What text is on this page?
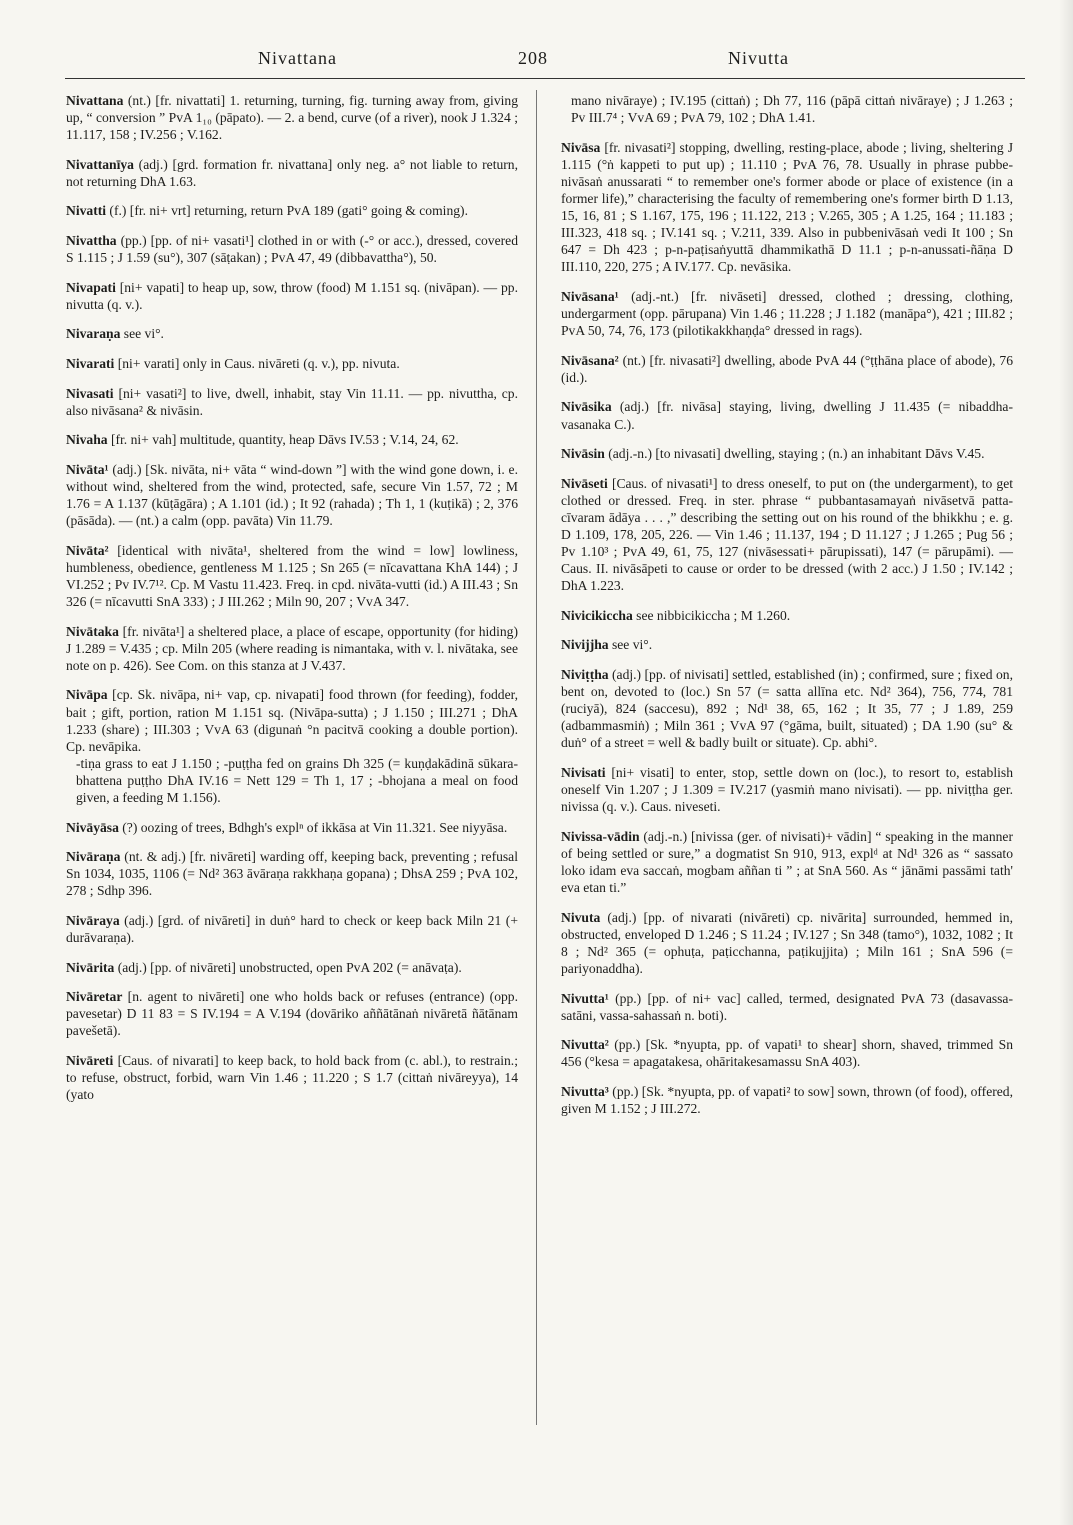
Nivattana	208	Nivutta

Nivattana (nt.) [fr. nivattati] 1. returning, turning, fig. turning away from, giving up, “ conversion ” PvA 1₁₀ (pāpato). — 2. a bend, curve (of a river), nook J 1.324 ; 11.117, 158 ; IV.256 ; V.162.

Nivattanīya (adj.) [grd. formation fr. nivattana] only neg. a° not liable to return, not returning DhA 1.63.

Nivatti (f.) [fr. ni+ vrt] returning, return PvA 189 (gati° going & coming).

Nivattha (pp.) [pp. of ni+ vasati¹] clothed in or with (-° or acc.), dressed, covered S 1.115 ; J 1.59 (su°), 307 (sāṭakan) ; PvA 47, 49 (dibbavattha°), 50.

Nivapati [ni+ vapati] to heap up, sow, throw (food) M 1.151 sq. (nivāpan). — pp. nivutta (q. v.).

Nivaraṇa see vi°.

Nivarati [ni+ varati] only in Caus. nivāreti (q. v.), pp. nivuta.

Nivasati [ni+ vasati²] to live, dwell, inhabit, stay Vin 11.11. — pp. nivuttha, cp. also nivāsana² & nivāsin.

Nivaha [fr. ni+ vah] multitude, quantity, heap Dāvs IV.53 ; V.14, 24, 62.

Nivāta¹ (adj.) [Sk. nivāta, ni+ vāta “ wind-down ”] with the wind gone down, i. e. without wind, sheltered from the wind, protected, safe, secure Vin 1.57, 72 ; M 1.76 = A 1.137 (kūṭāgāra) ; A 1.101 (id.) ; It 92 (rahada) ; Th 1, 1 (kuṭikā) ; 2, 376 (pāsāda). — (nt.) a calm (opp. pavāta) Vin 11.79.

Nivāta² [identical with nivāta¹, sheltered from the wind = low] lowliness, humbleness, obedience, gentleness M 1.125 ; Sn 265 (= nīcavattana KhA 144) ; J VI.252 ; Pv IV.7¹². Cp. M Vastu 11.423. Freq. in cpd. nivāta-vutti (id.) A III.43 ; Sn 326 (= nīcavutti SnA 333) ; J III.262 ; Miln 90, 207 ; VvA 347.

Nivātaka [fr. nivāta¹] a sheltered place, a place of escape, opportunity (for hiding) J 1.289 = V.435 ; cp. Miln 205 (where reading is nimantaka, with v. l. nivātaka, see note on p. 426). See Com. on this stanza at J V.437.

Nivāpa [cp. Sk. nivāpa, ni+ vap, cp. nivapati] food thrown (for feeding), fodder, bait ; gift, portion, ration M 1.151 sq. (Nivāpa-sutta) ; J 1.150 ; III.271 ; DhA 1.233 (share) ; III.303 ; VvA 63 (digunaṅ °n pacitvā cooking a double portion). Cp. nevāpika.

-tiṇa grass to eat J 1.150 ; -puṭṭha fed on grains Dh 325 (= kuṇḍakādinā sūkara-bhattena puṭṭho DhA IV.16 = Nett 129 = Th 1, 17 ; -bhojana a meal on food given, a feeding M 1.156).

Nivāyāsa (?) oozing of trees, Bdhgh's explⁿ of ikkāsa at Vin 11.321. See niyyāsa.

Nivāraṇa (nt. & adj.) [fr. nivāreti] warding off, keeping back, preventing ; refusal Sn 1034, 1035, 1106 (= Nd² 363 āvāraṇa rakkhaṇa gopana) ; DhsA 259 ; PvA 102, 278 ; Sdhp 396.

Nivāraya (adj.) [grd. of nivāreti] in duṅ° hard to check or keep back Miln 21 (+ durāvaraṇa).

Nivārita (adj.) [pp. of nivāreti] unobstructed, open PvA 202 (= anāvaṭa).

Nivāretar [n. agent to nivāreti] one who holds back or refuses (entrance) (opp. pavesetar) D 11 83 = S IV.194 = A V.194 (dovāriko aññātānaṅ nivāretā ñātānam pavešetā).

Nivāreti [Caus. of nivarati] to keep back, to hold back from (c. abl.), to restrain.; to refuse, obstruct, forbid, warn Vin 1.46 ; 11.220 ; S 1.7 (cittaṅ nivāreyya), 14 (yato

mano nivāraye) ; IV.195 (cittaṅ) ; Dh 77, 116 (pāpā cittaṅ nivāraye) ; J 1.263 ; Pv III.7⁴ ; VvA 69 ; PvA 79, 102 ; DhA 1.41.

Nivāsa [fr. nivasati²] stopping, dwelling, resting-place, abode ; living, sheltering J 1.115 (°ṅ kappeti to put up) ; 11.110 ; PvA 76, 78. Usually in phrase pubbe-nivāsaṅ anussarati “ to remember one's former abode or place of existence (in a former life),” characterising the faculty of remembering one's former birth D 1.13, 15, 16, 81 ; S 1.167, 175, 196 ; 11.122, 213 ; V.265, 305 ; A 1.25, 164 ; 11.183 ; III.323, 418 sq. ; IV.141 sq. ; V.211, 339. Also in pubbenivāsaṅ vedi It 100 ; Sn 647 = Dh 423 ; p-n-paṭisaṅyuttā dhammikathā D 11.1 ; p-n-anussati-ñāṇa D III.110, 220, 275 ; A IV.177. Cp. nevāsika.

Nivāsana¹ (adj.-nt.) [fr. nivāseti] dressed, clothed ; dressing, clothing, undergarment (opp. pārupana) Vin 1.46 ; 11.228 ; J 1.182 (manāpa°), 421 ; III.82 ; PvA 50, 74, 76, 173 (pilotikakkhaṇḍa° dressed in rags).

Nivāsana² (nt.) [fr. nivasati²] dwelling, abode PvA 44 (°ṭṭhāna place of abode), 76 (id.).

Nivāsika (adj.) [fr. nivāsa] staying, living, dwelling J 11.435 (= nibaddha-vasanaka C.).

Nivāsin (adj.-n.) [to nivasati] dwelling, staying ; (n.) an inhabitant Dāvs V.45.

Nivāseti [Caus. of nivasati¹] to dress oneself, to put on (the undergarment), to get clothed or dressed. Freq. in ster. phrase “ pubbantasamayaṅ nivāsetvā patta-cīvaram ādāya . . . ,” describing the setting out on his round of the bhikkhu ; e. g. D 1.109, 178, 205, 226. — Vin 1.46 ; 11.137, 194 ; D 11.127 ; J 1.265 ; Pug 56 ; Pv 1.10³ ; PvA 49, 61, 75, 127 (nivāsessati+ pārupissati), 147 (= pārupāmi). — Caus. II. nivāsāpeti to cause or order to be dressed (with 2 acc.) J 1.50 ; IV.142 ; DhA 1.223.

Nivicikiccha see nibbicikiccha ; M 1.260.

Nivijjha see vi°.

Niviṭṭha (adj.) [pp. of nivisati] settled, established (in) ; confirmed, sure ; fixed on, bent on, devoted to (loc.) Sn 57 (= satta allīna etc. Nd² 364), 756, 774, 781 (ruciyā), 824 (saccesu), 892 ; Nd¹ 38, 65, 162 ; It 35, 77 ; J 1.89, 259 (adbammasmiṅ) ; Miln 361 ; VvA 97 (°gāma, built, situated) ; DA 1.90 (su° & duṅ° of a street = well & badly built or situate). Cp. abhi°.

Nivisati [ni+ visati] to enter, stop, settle down on (loc.), to resort to, establish oneself Vin 1.207 ; J 1.309 = IV.217 (yasmiṅ mano nivisati). — pp. niviṭṭha ger. nivissa (q. v.). Caus. niveseti.

Nivissa-vādin (adj.-n.) [nivissa (ger. of nivisati)+ vādin] “ speaking in the manner of being settled or sure,” a dogmatist Sn 910, 913, explᵈ at Nd¹ 326 as “ sassato loko idam eva saccaṅ, mogbam aññan ti ” ; at SnA 560. As “ jānāmi passāmi tath' eva etan ti.”

Nivuta (adj.) [pp. of nivarati (nivāreti) cp. nivārita] surrounded, hemmed in, obstructed, enveloped D 1.246 ; S 11.24 ; IV.127 ; Sn 348 (tamo°), 1032, 1082 ; It 8 ; Nd² 365 (= ophuṭa, paṭicchanna, paṭikujjita) ; Miln 161 ; SnA 596 (= pariyonaddha).

Nivutta¹ (pp.) [pp. of ni+ vac] called, termed, designated PvA 73 (dasavassa-satāni, vassa-sahassaṅ n. boti).

Nivutta² (pp.) [Sk. *nyupta, pp. of vapati¹ to shear] shorn, shaved, trimmed Sn 456 (°kesa = apagatakesa, ohāritakesamassu SnA 403).

Nivutta³ (pp.) [Sk. *nyupta, pp. of vapati² to sow] sown, thrown (of food), offered, given M 1.152 ; J III.272.
